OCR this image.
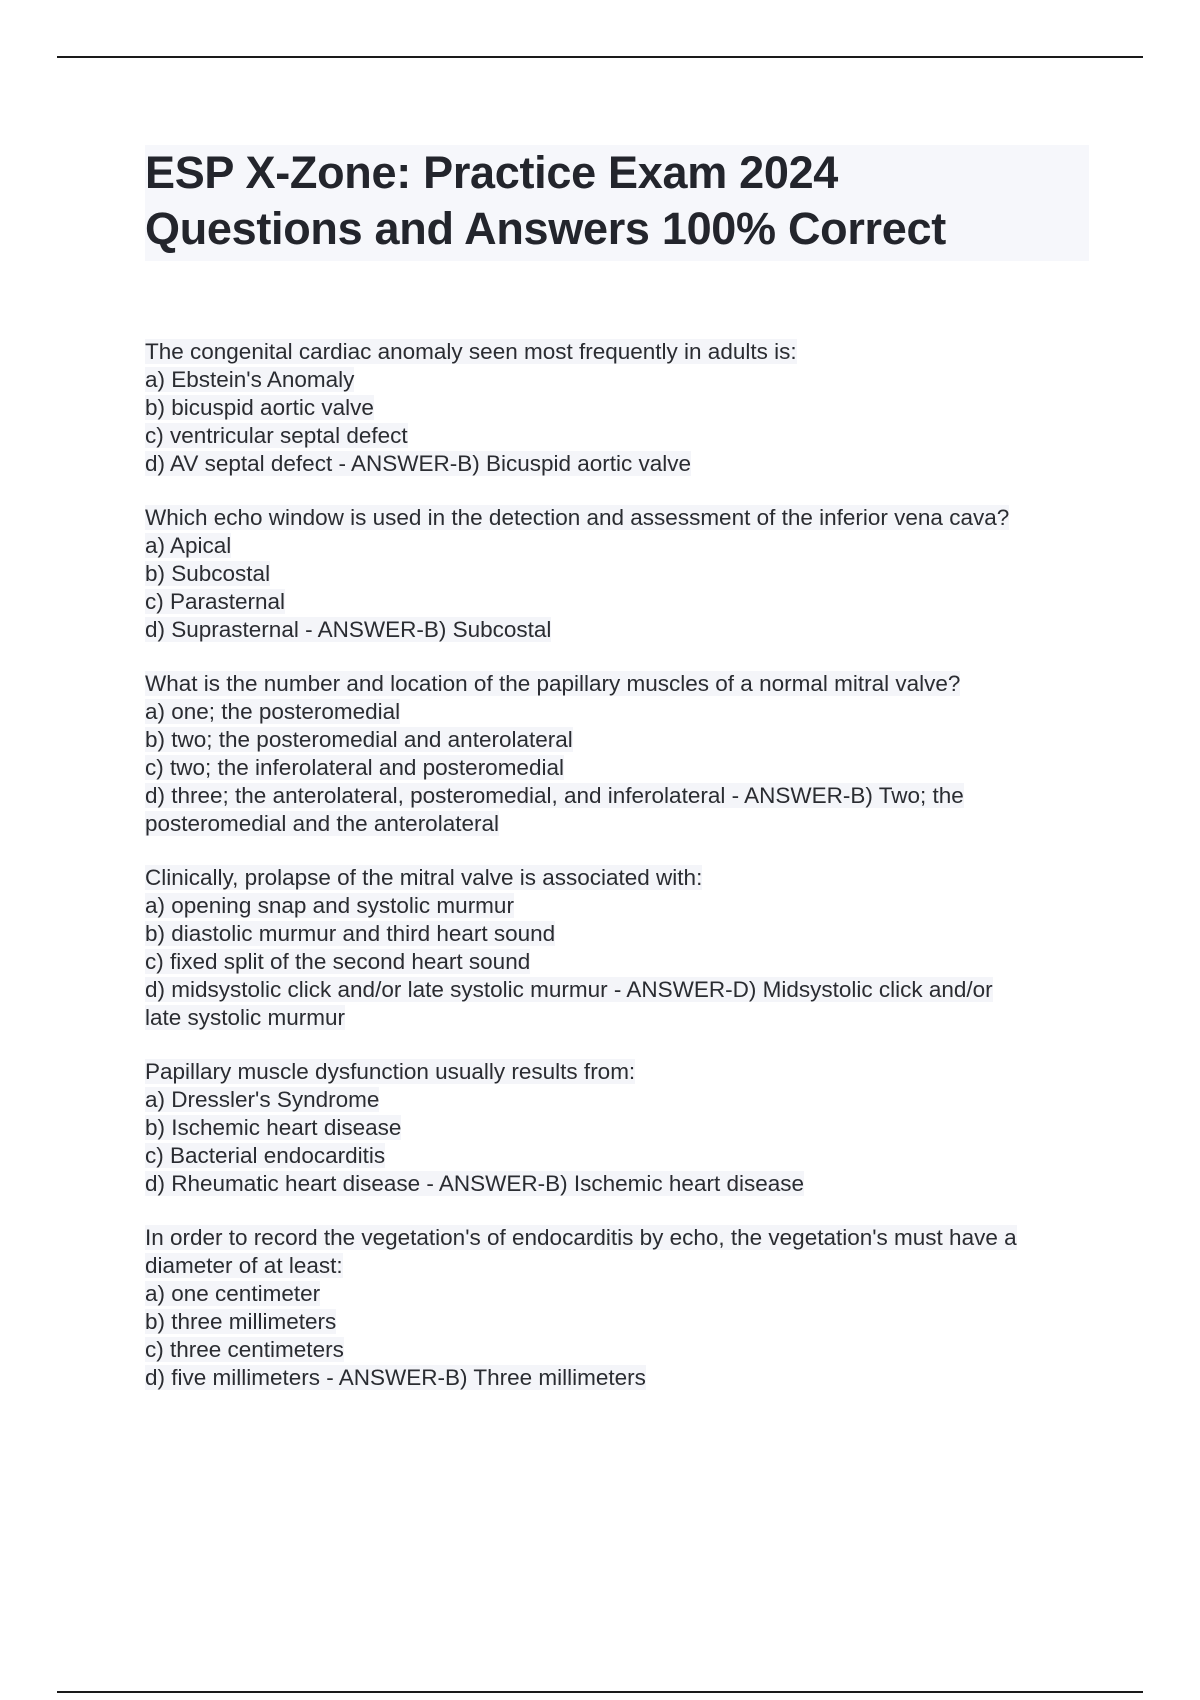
ESP X-Zone: Practice Exam 2024
Questions and Answers 100% Correct
The congenital cardiac anomaly seen most frequently in adults is:
a) Ebstein's Anomaly
b) bicuspid aortic valve
c) ventricular septal defect
d) AV septal defect - ANSWER-B) Bicuspid aortic valve
Which echo window is used in the detection and assessment of the inferior vena cava?
a) Apical
b) Subcostal
c) Parasternal
d) Suprasternal - ANSWER-B) Subcostal
What is the number and location of the papillary muscles of a normal mitral valve?
a) one; the posteromedial
b) two; the posteromedial and anterolateral
c) two; the inferolateral and posteromedial
d) three; the anterolateral, posteromedial, and inferolateral - ANSWER-B) Two; the
posteromedial and the anterolateral
Clinically, prolapse of the mitral valve is associated with:
a) opening snap and systolic murmur
b) diastolic murmur and third heart sound
c) fixed split of the second heart sound
d) midsystolic click and/or late systolic murmur - ANSWER-D) Midsystolic click and/or
late systolic murmur
Papillary muscle dysfunction usually results from:
a) Dressler's Syndrome
b) Ischemic heart disease
c) Bacterial endocarditis
d) Rheumatic heart disease - ANSWER-B) Ischemic heart disease
In order to record the vegetation's of endocarditis by echo, the vegetation's must have a
diameter of at least:
a) one centimeter
b) three millimeters
c) three centimeters
d) five millimeters - ANSWER-B) Three millimeters
